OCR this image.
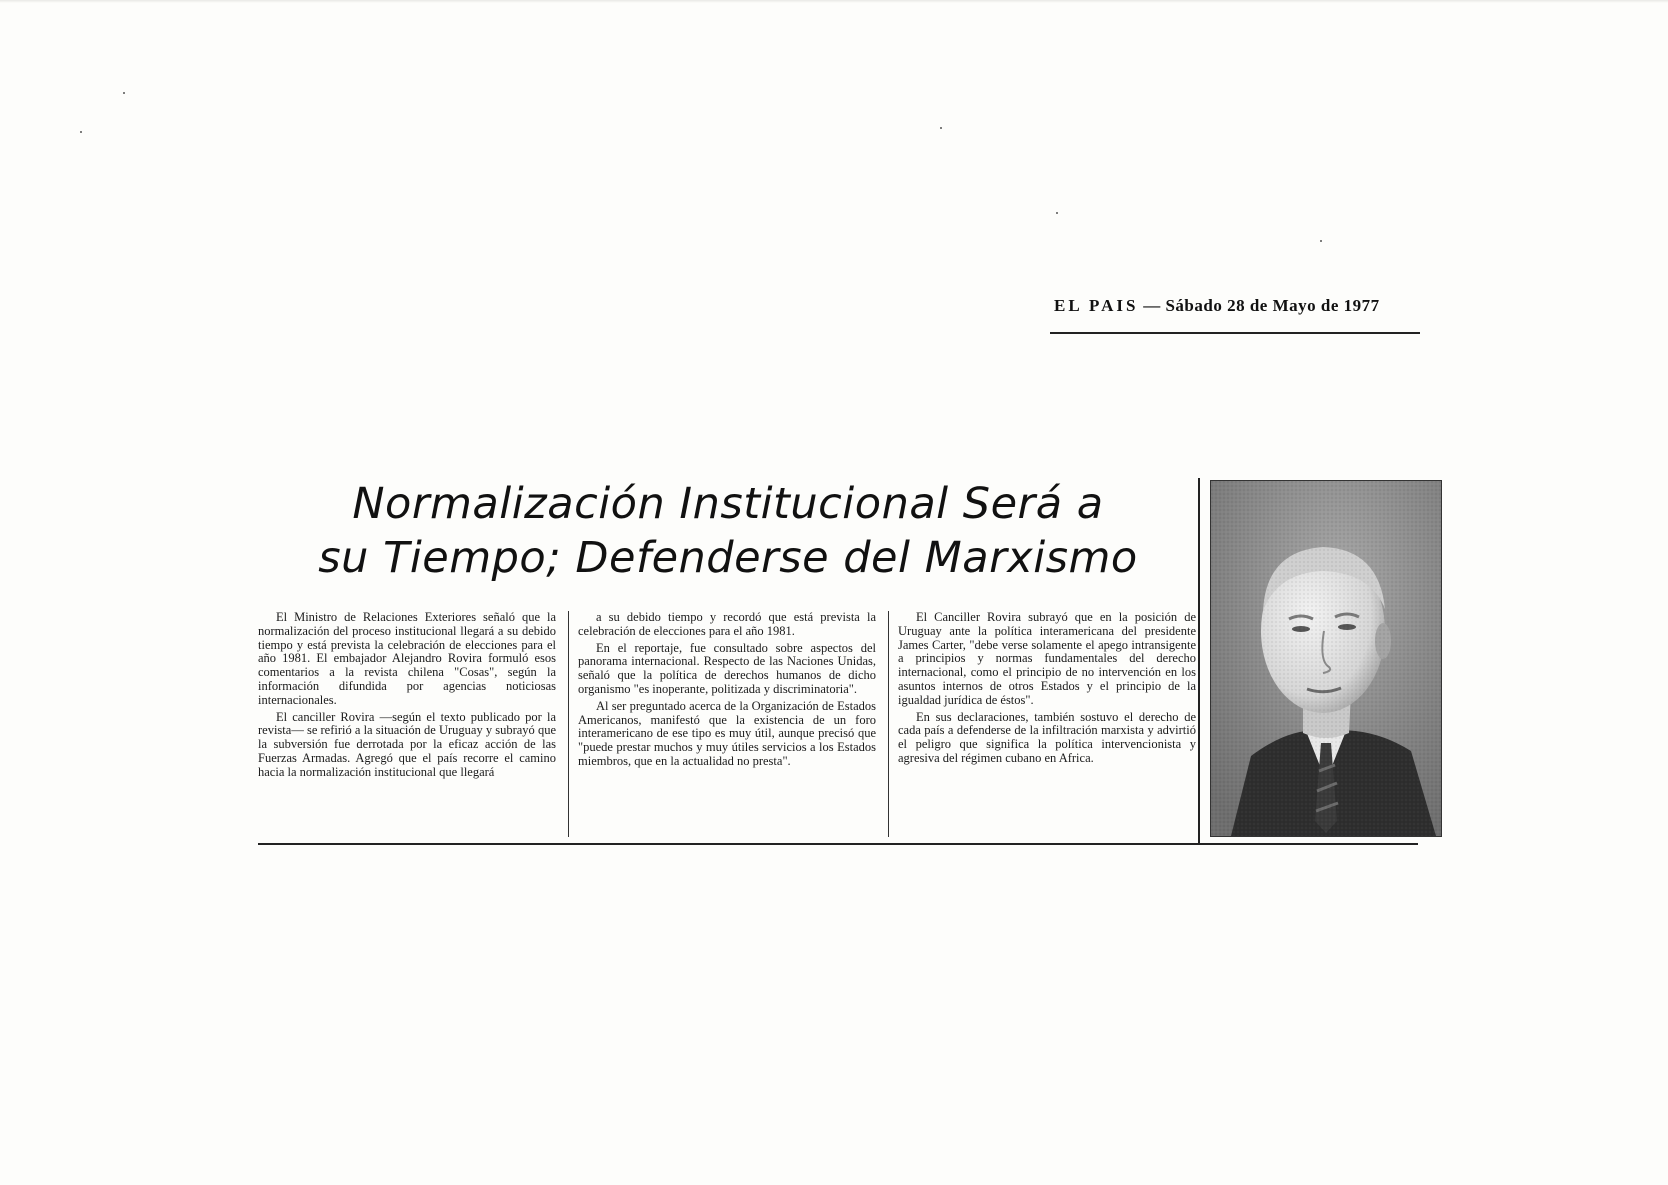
EL PAIS — Sábado 28 de Mayo de 1977
Normalización Institucional Será a
su Tiempo; Defenderse del Marxismo

El Ministro de Relaciones Exteriores señaló que la normalización del proceso institucional llegará a su debido tiempo y está prevista la celebración de elecciones para el año 1981. El embajador Alejandro Rovira formuló esos comentarios a la revista chilena "Cosas", según la información difundida por agencias noticiosas internacionales.

El canciller Rovira —según el texto publicado por la revista— se refirió a la situación de Uruguay y subrayó que la subversión fue derrotada por la eficaz acción de las Fuerzas Armadas. Agregó que el país recorre el camino hacia la normalización institucional que llegará

a su debido tiempo y recordó que está prevista la celebración de elecciones para el año 1981.

En el reportaje, fue consultado sobre aspectos del panorama internacional. Respecto de las Naciones Unidas, señaló que la política de derechos humanos de dicho organismo "es inoperante, politizada y discriminatoria".

Al ser preguntado acerca de la Organización de Estados Americanos, manifestó que la existencia de un foro interamericano de ese tipo es muy útil, aunque precisó que "puede prestar muchos y muy útiles servicios a los Estados miembros, que en la actualidad no presta".

El Canciller Rovira subrayó que en la posición de Uruguay ante la política interamericana del presidente James Carter, "debe verse solamente el apego intransigente a principios y normas fundamentales del derecho internacional, como el principio de no intervención en los asuntos internos de otros Estados y el principio de la igualdad jurídica de éstos".

En sus declaraciones, también sostuvo el derecho de cada país a defenderse de la infiltración marxista y advirtió el peligro que significa la política intervencionista y agresiva del régimen cubano en Africa.
